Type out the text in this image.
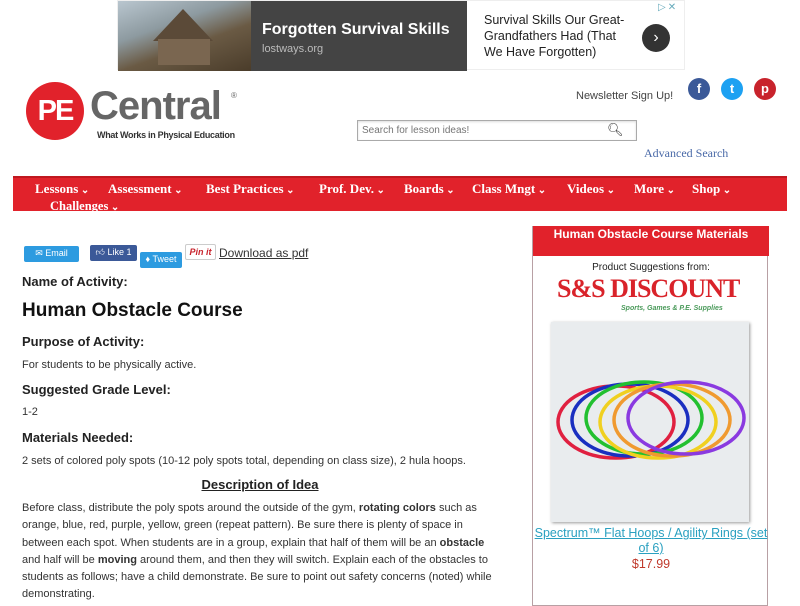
Forgotten Survival Skills
lostways.org
Survival Skills Our Great-Grandfathers Had (That We Have Forgotten)
›
▷✕
PE Central ®
What Works in Physical Education
Newsletter Sign Up!	f	t	p
Search for lesson ideas!
🔍︎
Advanced Search
Lessons ⌄	Assessment ⌄	Best Practices ⌄	Prof. Dev. ⌄	Boards ⌄	Class Mngt ⌄	Videos ⌄	More ⌄	Shop ⌄
Challenges ⌄
✉ Email	👍︎ Like 1
♦ Tweet
Pin it Download as pdf
Name of Activity:
Human Obstacle Course
Purpose of Activity:
For students to be physically active.
Suggested Grade Level:
1-2
Materials Needed:
2 sets of colored poly spots (10-12 poly spots total, depending on class size), 2 hula hoops.
Description of Idea
Before class, distribute the poly spots around the outside of the gym, rotating colors such as orange, blue, red, purple, yellow, green (repeat pattern). Be sure there is plenty of space in between each spot. When students are in a group, explain that half of them will be an obstacle and half will be moving around them, and then they will switch. Explain each of the obstacles to students as follows; have a child demonstrate. Be sure to point out safety concerns (noted) while demonstrating.
Human Obstacle Course Materials
Product Suggestions from:
S&S DISCOUNT
Sports, Games & P.E. Supplies
Spectrum™ Flat Hoops / Agility Rings (set of 6)
$17.99
